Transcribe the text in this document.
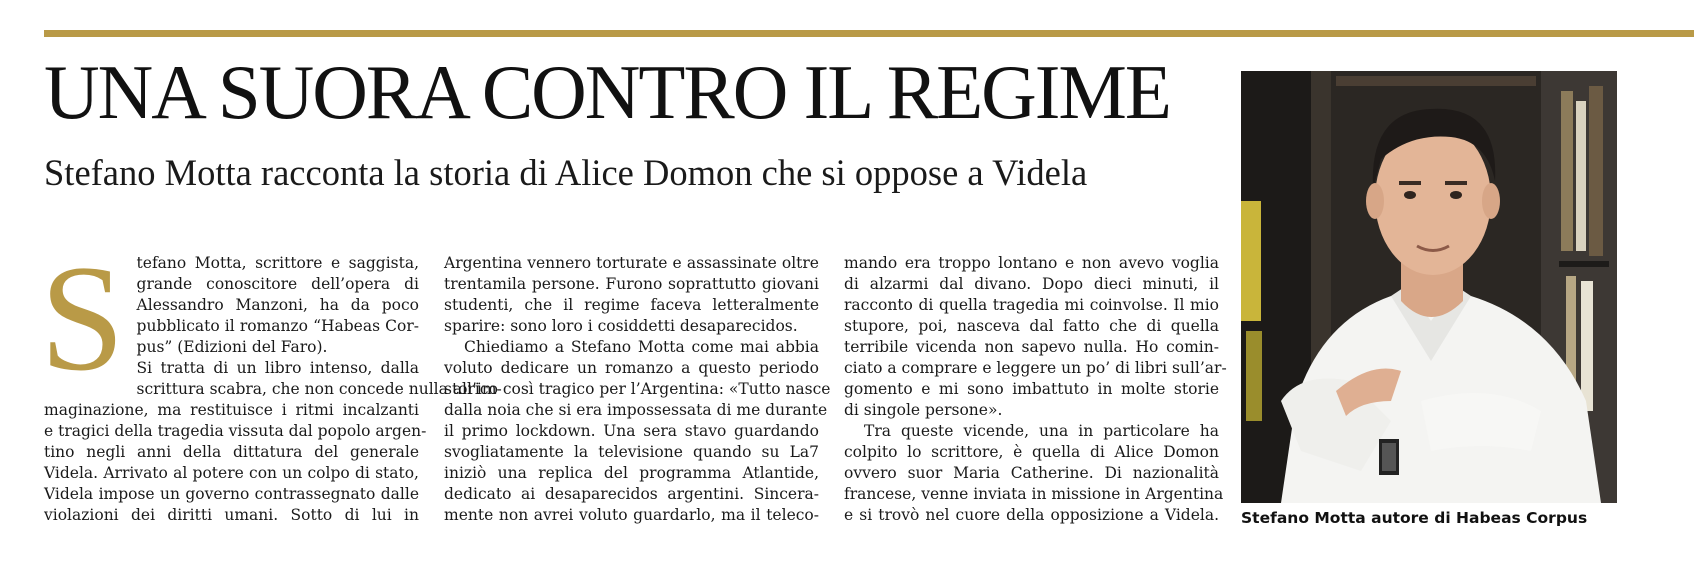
UNA SUORA CONTRO IL REGIME
Stefano Motta racconta la storia di Alice Domon che si oppose a Videla
S tefano Motta, scrittore e saggista,
grande conoscitore dell’opera di
Alessandro Manzoni, ha da poco
pubblicato il romanzo “Habeas Cor-
pus” (Edizioni del Faro).
Si tratta di un libro intenso, dalla
scrittura scabra, che non concede nulla all’im-
maginazione, ma restituisce i ritmi incalzanti
e tragici della tragedia vissuta dal popolo argen-
tino negli anni della dittatura del generale
Videla. Arrivato al potere con un colpo di stato,
Videla impose un governo contrassegnato dalle
violazioni dei diritti umani. Sotto di lui in
Argentina vennero torturate e assassinate oltre
trentamila persone. Furono soprattutto giovani
studenti, che il regime faceva letteralmente
sparire: sono loro i cosiddetti desaparecidos.
Chiediamo a Stefano Motta come mai abbia
voluto dedicare un romanzo a questo periodo
storico così tragico per l’Argentina: «Tutto nasce
dalla noia che si era impossessata di me durante
il primo lockdown. Una sera stavo guardando
svogliatamente la televisione quando su La7
iniziò una replica del programma Atlantide,
dedicato ai desaparecidos argentini. Sincera-
mente non avrei voluto guardarlo, ma il teleco-
mando era troppo lontano e non avevo voglia
di alzarmi dal divano. Dopo dieci minuti, il
racconto di quella tragedia mi coinvolse. Il mio
stupore, poi, nasceva dal fatto che di quella
terribile vicenda non sapevo nulla. Ho comin-
ciato a comprare e leggere un po’ di libri sull’ar-
gomento e mi sono imbattuto in molte storie
di singole persone».
Tra queste vicende, una in particolare ha
colpito lo scrittore, è quella di Alice Domon
ovvero suor Maria Catherine. Di nazionalità
francese, venne inviata in missione in Argentina
e si trovò nel cuore della opposizione a Videla. Stefano Motta autore di Habeas Corpus
